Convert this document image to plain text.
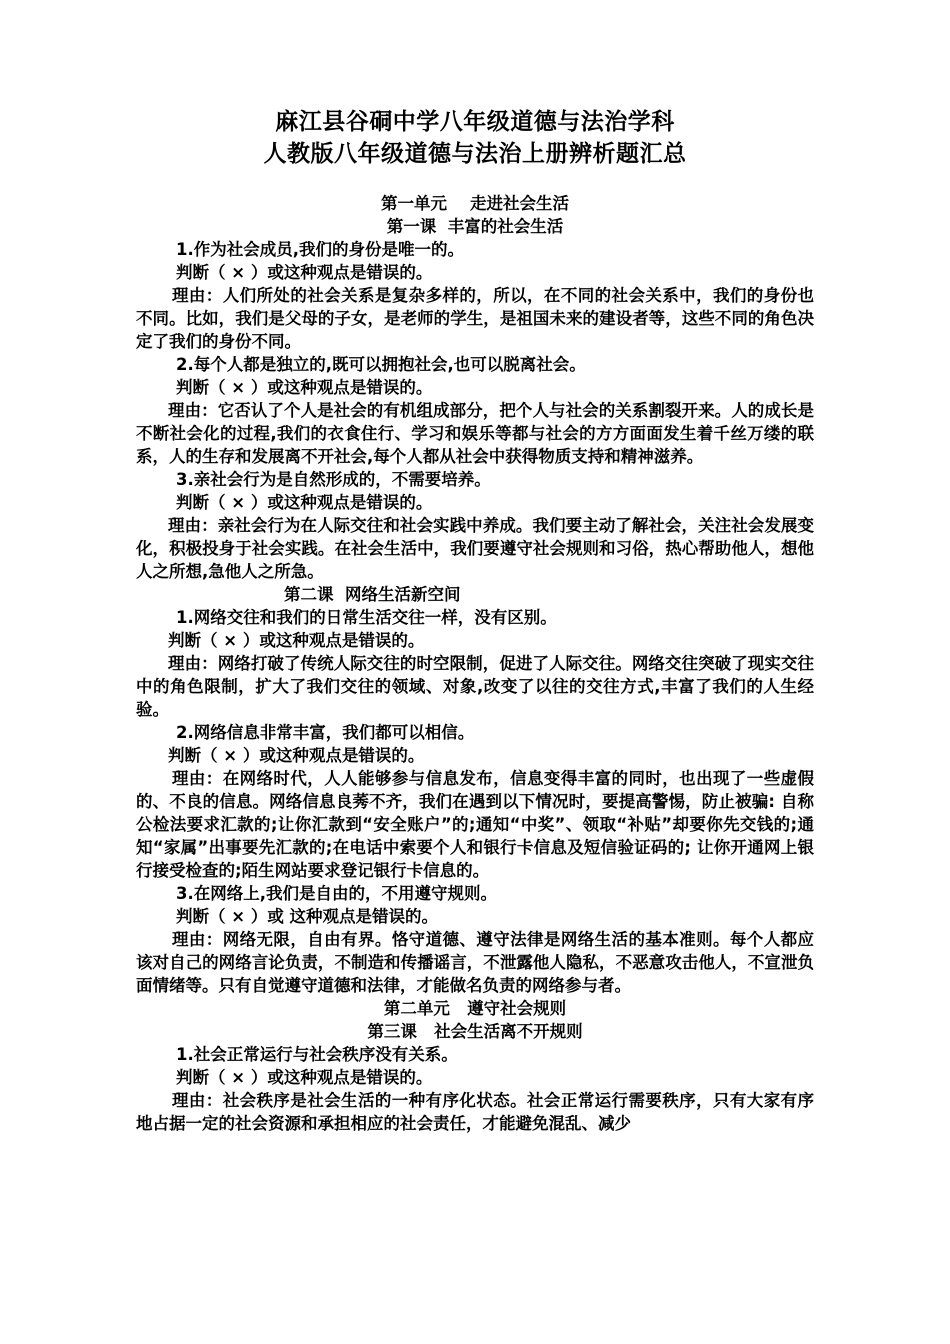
麻江县谷硐中学八年级道德与法治学科
人教版八年级道德与法治上册辨析题汇总
第一单元    走进社会生活
第一课  丰富的社会生活

1.作为社会成员,我们的身份是唯一的。

判断（ × ）或这种观点是错误的。

理由：人们所处的社会关系是复杂多样的，所以，在不同的社会关系中，我们的身份也不同。比如，我们是父母的子女，是老师的学生，是祖国未来的建设者等，这些不同的角色决定了我们的身份不同。

2.每个人都是独立的,既可以拥抱社会,也可以脱离社会。

判断（ × ）或这种观点是错误的。

理由：它否认了个人是社会的有机组成部分，把个人与社会的关系割裂开来。人的成长是不断社会化的过程,我们的衣食住行、学习和娱乐等都与社会的方方面面发生着千丝万缕的联系，人的生存和发展离不开社会,每个人都从社会中获得物质支持和精神滋养。

3.亲社会行为是自然形成的，不需要培养。

判断（ × ）或这种观点是错误的。

理由：亲社会行为在人际交往和社会实践中养成。我们要主动了解社会，关注社会发展变化，积极投身于社会实践。在社会生活中，我们要遵守社会规则和习俗，热心帮助他人，想他人之所想,急他人之所急。

第二课  网络生活新空间

1.网络交往和我们的日常生活交往一样，没有区别。

判断（ × ）或这种观点是错误的。

理由：网络打破了传统人际交往的时空限制，促进了人际交往。网络交往突破了现实交往中的角色限制，扩大了我们交往的领域、对象,改变了以往的交往方式,丰富了我们的人生经验。

2.网络信息非常丰富，我们都可以相信。

判断（ × ）或这种观点是错误的。

理由：在网络时代，人人能够参与信息发布，信息变得丰富的同时，也出现了一些虚假的、不良的信息。网络信息良莠不齐，我们在遇到以下情况时，要提高警惕，防止被骗: 自称公检法要求汇款的;让你汇款到“安全账户”的;通知“中奖”、领取“补贴”却要你先交钱的;通知“家属”出事要先汇款的;在电话中索要个人和银行卡信息及短信验证码的; 让你开通网上银行接受检查的;陌生网站要求登记银行卡信息的。

3.在网络上,我们是自由的，不用遵守规则。

判断（ × ）或 这种观点是错误的。

理由：网络无限，自由有界。恪守道德、遵守法律是网络生活的基本准则。每个人都应该对自己的网络言论负责，不制造和传播谣言，不泄露他人隐私，不恶意攻击他人，不宣泄负面情绪等。只有自觉遵守道德和法律，才能做名负责的网络参与者。

第二单元   遵守社会规则
第三课   社会生活离不开规则

1.社会正常运行与社会秩序没有关系。

判断（ × ）或这种观点是错误的。

理由：社会秩序是社会生活的一种有序化状态。社会正常运行需要秩序，只有大家有序地占据一定的社会资源和承担相应的社会责任，才能避免混乱、减少
